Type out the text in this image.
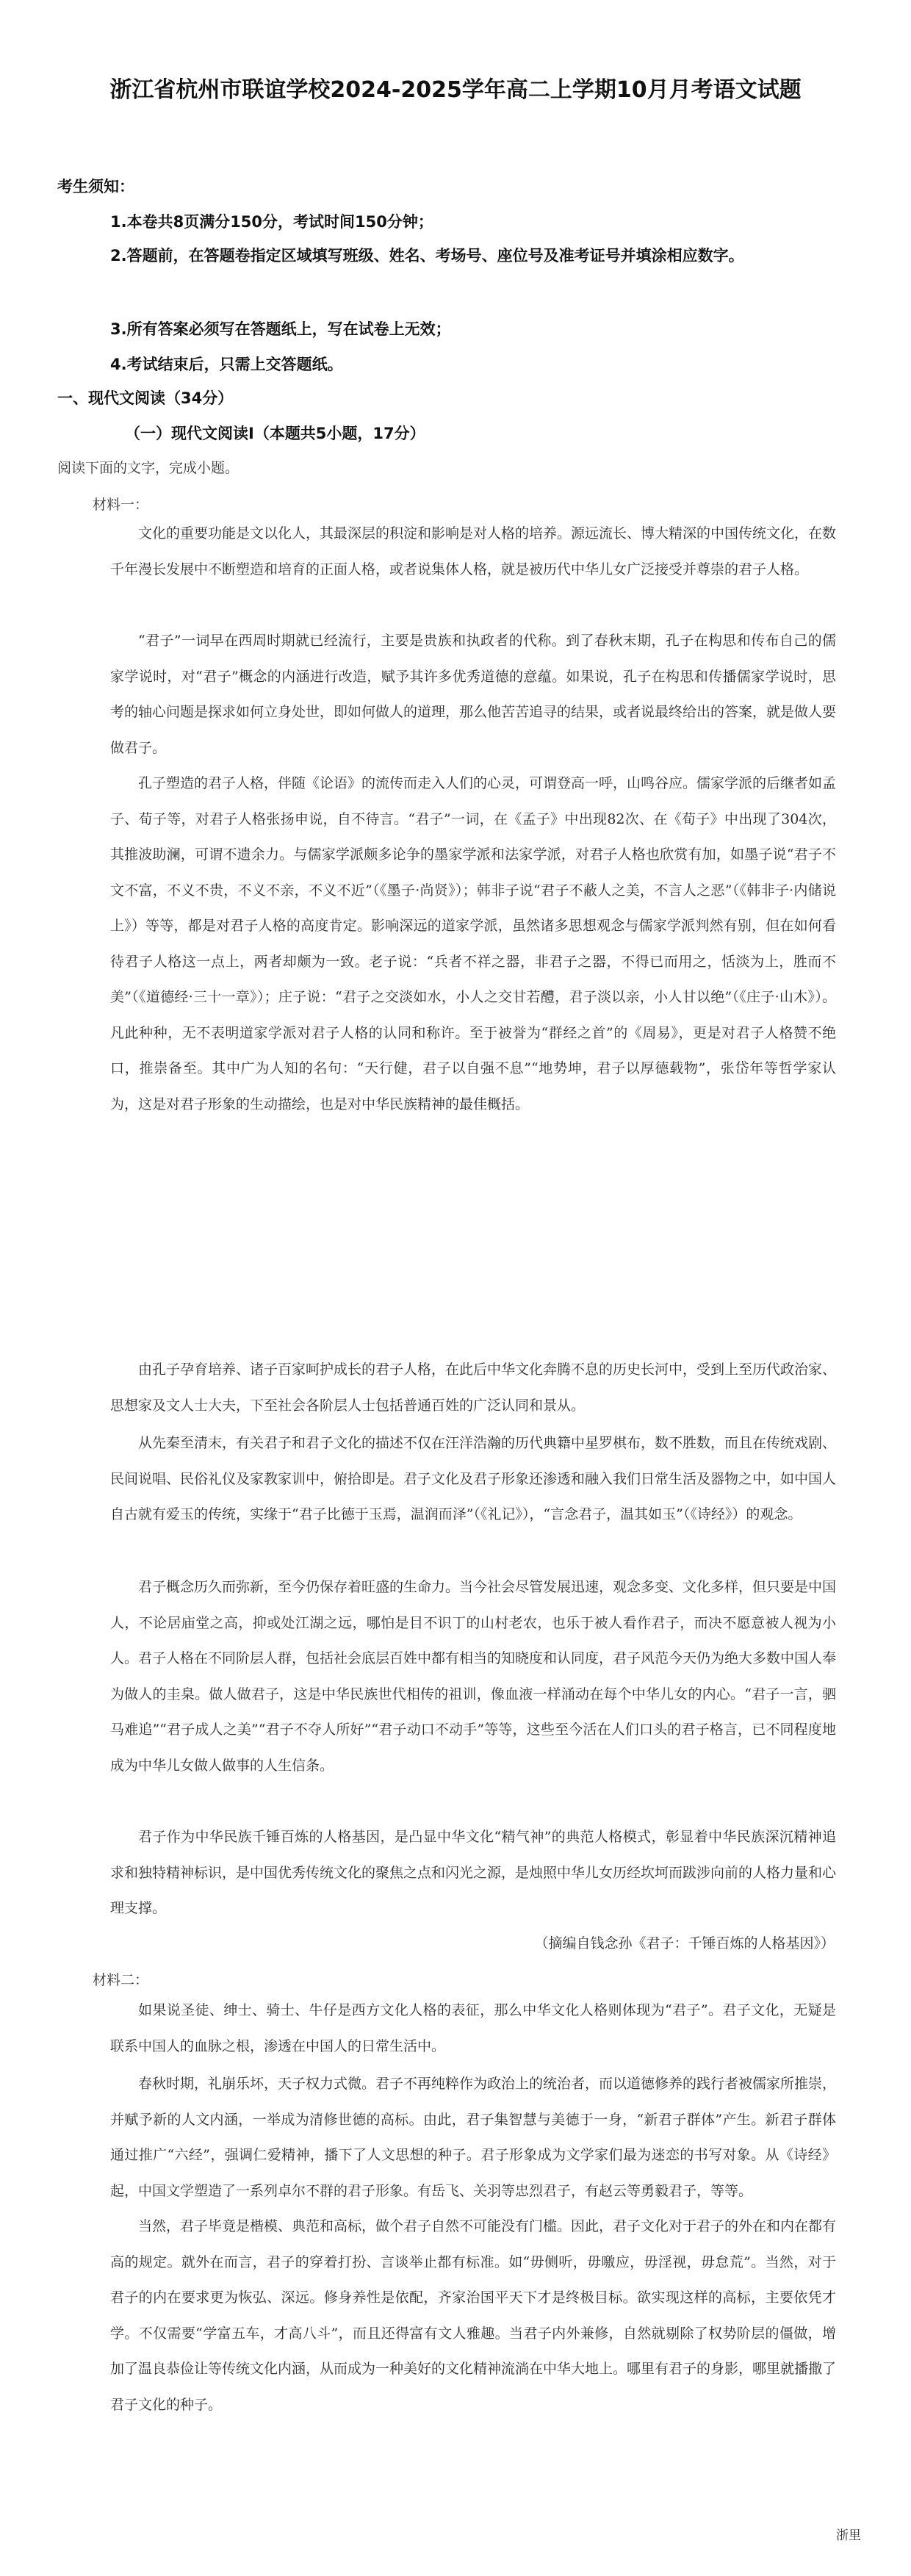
浙江省杭州市联谊学校2024-2025学年高二上学期10月月考语文试题
考生须知：
1.本卷共8页满分150分，考试时间150分钟；
2.答题前，在答题卷指定区域填写班级、姓名、考场号、座位号及准考证号并填涂相应数字。
3.所有答案必须写在答题纸上，写在试卷上无效；
4.考试结束后，只需上交答题纸。
一、现代文阅读（34分）
（一）现代文阅读Ⅰ（本题共5小题，17分）
阅读下面的文字，完成小题。
材料一：

文化的重要功能是文以化人，其最深层的积淀和影响是对人格的培养。源远流长、博大精深的中国传统文化，在数千年漫长发展中不断塑造和培育的正面人格，或者说集体人格，就是被历代中华儿女广泛接受并尊崇的君子人格。

“君子”一词早在西周时期就已经流行，主要是贵族和执政者的代称。到了春秋末期，孔子在构思和传布自己的儒家学说时，对“君子”概念的内涵进行改造，赋予其许多优秀道德的意蕴。如果说，孔子在构思和传播儒家学说时，思考的轴心问题是探求如何立身处世，即如何做人的道理，那么他苦苦追寻的结果，或者说最终给出的答案，就是做人要做君子。

孔子塑造的君子人格，伴随《论语》的流传而走入人们的心灵，可谓登高一呼，山鸣谷应。儒家学派的后继者如孟子、荀子等，对君子人格张扬申说，自不待言。“君子”一词，在《孟子》中出现82次、在《荀子》中出现了304次，其推波助澜，可谓不遗余力。与儒家学派颇多论争的墨家学派和法家学派，对君子人格也欣赏有加，如墨子说“君子不文不富，不义不贵，不义不亲，不义不近”（《墨子·尚贤》）；韩非子说“君子不蔽人之美，不言人之恶”（《韩非子·内储说上》）等等，都是对君子人格的高度肯定。影响深远的道家学派，虽然诸多思想观念与儒家学派判然有别，但在如何看待君子人格这一点上，两者却颇为一致。老子说：“兵者不祥之器，非君子之器，不得已而用之，恬淡为上，胜而不美”（《道德经·三十一章》）；庄子说：“君子之交淡如水，小人之交甘若醴，君子淡以亲，小人甘以绝”（《庄子·山木》）。凡此种种，无不表明道家学派对君子人格的认同和称许。至于被誉为“群经之首”的《周易》，更是对君子人格赞不绝口，推崇备至。其中广为人知的名句：“天行健，君子以自强不息”“地势坤，君子以厚德载物”，张岱年等哲学家认为，这是对君子形象的生动描绘，也是对中华民族精神的最佳概括。

由孔子孕育培养、诸子百家呵护成长的君子人格，在此后中华文化奔腾不息的历史长河中，受到上至历代政治家、思想家及文人士大夫，下至社会各阶层人士包括普通百姓的广泛认同和景从。

从先秦至清末，有关君子和君子文化的描述不仅在汪洋浩瀚的历代典籍中星罗棋布，数不胜数，而且在传统戏剧、民间说唱、民俗礼仪及家教家训中，俯拾即是。君子文化及君子形象还渗透和融入我们日常生活及器物之中，如中国人自古就有爱玉的传统，实缘于“君子比德于玉焉，温润而泽”（《礼记》），“言念君子，温其如玉”（《诗经》）的观念。

君子概念历久而弥新，至今仍保存着旺盛的生命力。当今社会尽管发展迅速，观念多变、文化多样，但只要是中国人，不论居庙堂之高，抑或处江湖之远，哪怕是目不识丁的山村老农，也乐于被人看作君子，而决不愿意被人视为小人。君子人格在不同阶层人群，包括社会底层百姓中都有相当的知晓度和认同度，君子风范今天仍为绝大多数中国人奉为做人的圭臬。做人做君子，这是中华民族世代相传的祖训，像血液一样涌动在每个中华儿女的内心。“君子一言，驷马难追”“君子成人之美”“君子不夺人所好”“君子动口不动手”等等，这些至今活在人们口头的君子格言，已不同程度地成为中华儿女做人做事的人生信条。

君子作为中华民族千锤百炼的人格基因，是凸显中华文化“精气神”的典范人格模式，彰显着中华民族深沉精神追求和独特精神标识，是中国优秀传统文化的聚焦之点和闪光之源，是烛照中华儿女历经坎坷而跋涉向前的人格力量和心理支撑。

（摘编自钱念孙《君子：千锤百炼的人格基因》）
材料二：

如果说圣徒、绅士、骑士、牛仔是西方文化人格的表征，那么中华文化人格则体现为“君子”。君子文化，无疑是联系中国人的血脉之根，渗透在中国人的日常生活中。

春秋时期，礼崩乐坏，天子权力式微。君子不再纯粹作为政治上的统治者，而以道德修养的践行者被儒家所推崇，并赋予新的人文内涵，一举成为清修世德的高标。由此，君子集智慧与美德于一身，“新君子群体”产生。新君子群体通过推广“六经”，强调仁爱精神，播下了人文思想的种子。君子形象成为文学家们最为迷恋的书写对象。从《诗经》起，中国文学塑造了一系列卓尔不群的君子形象。有岳飞、关羽等忠烈君子，有赵云等勇毅君子，等等。

当然，君子毕竟是楷模、典范和高标，做个君子自然不可能没有门槛。因此，君子文化对于君子的外在和内在都有高的规定。就外在而言，君子的穿着打扮、言谈举止都有标准。如“毋侧听，毋噭应，毋淫视，毋怠荒”。当然，对于君子的内在要求更为恢弘、深远。修身养性是依配，齐家治国平天下才是终极目标。欲实现这样的高标，主要依凭才学。不仅需要“学富五车，才高八斗”，而且还得富有文人雅趣。当君子内外兼修，自然就剔除了权势阶层的僵做，增加了温良恭俭让等传统文化内涵，从而成为一种美好的文化精神流淌在中华大地上。哪里有君子的身影，哪里就播撒了君子文化的种子。

浙里
